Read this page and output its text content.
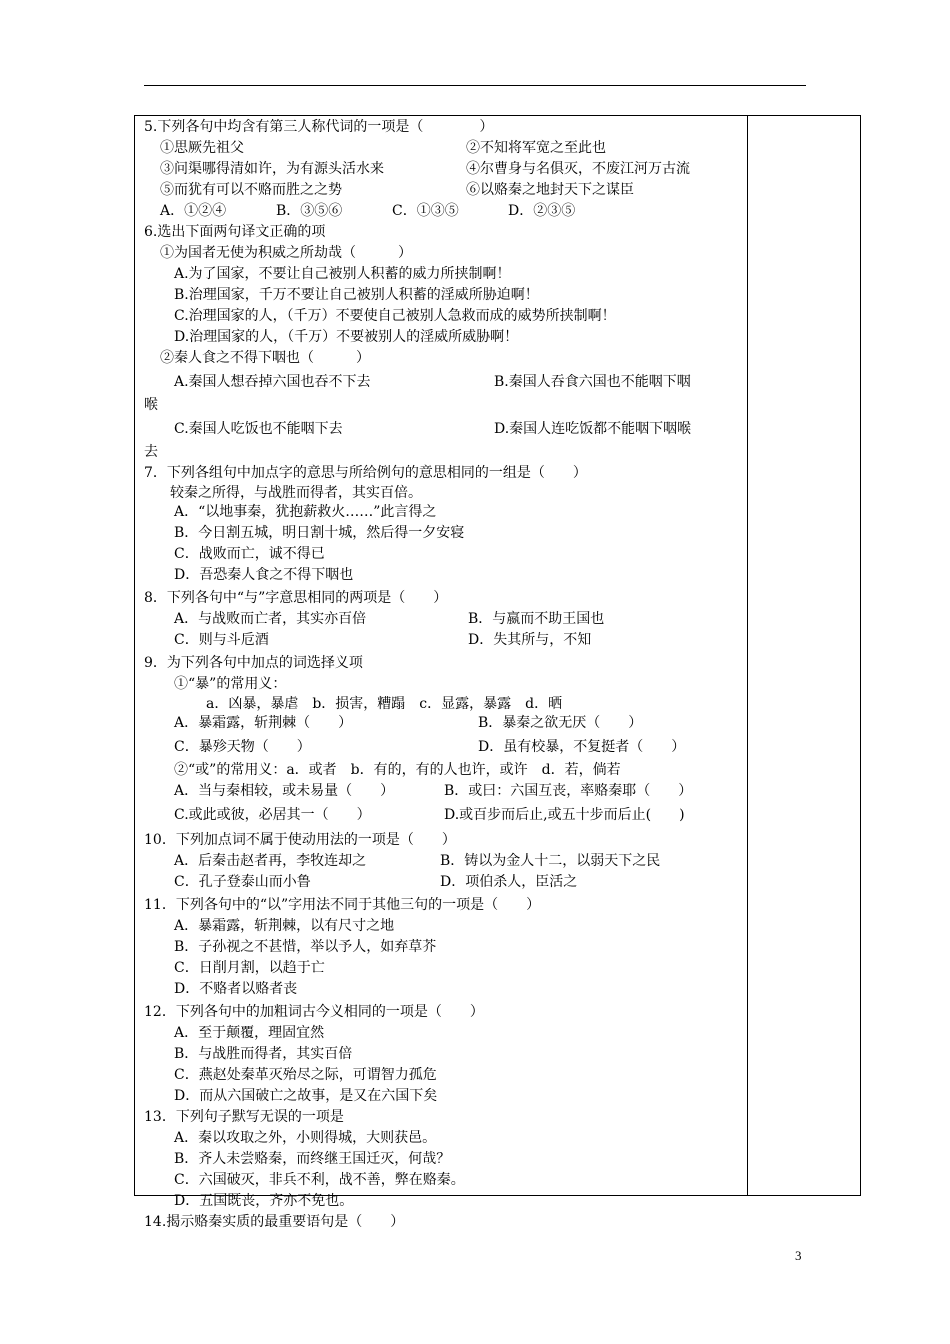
5.下列各句中均含有第三人称代词的一项是（　　　　）
①思厥先祖父	②不知将军宽之至此也
③问渠哪得清如许，为有源头活水来	④尔曹身与名俱灭，不废江河万古流
⑤而犹有可以不赂而胜之之势	⑥以赂秦之地封天下之谋臣
A．①②④	B．③⑤⑥	C．①③⑤	D．②③⑤
6.选出下面两句译文正确的项
①为国者无使为积威之所劫哉（　　　）
A.为了国家，不要让自己被别人积蓄的威力所挟制啊！
B.治理国家，千万不要让自己被别人积蓄的淫威所胁迫啊！
C.治理国家的人，（千万）不要使自己被别人急救而成的威势所挟制啊！
D.治理国家的人，（千万）不要被别人的淫威所威胁啊！
②秦人食之不得下咽也（　　　）
A.秦国人想吞掉六国也吞不下去	B.秦国人吞食六国也不能咽下咽
喉
C.秦国人吃饭也不能咽下去	D.秦国人连吃饭都不能咽下咽喉
去
7．下列各组句中加点字的意思与所给例句的意思相同的一组是（　　）
较秦之所得，与战胜而得者，其实百倍。
A．“以地事秦，犹抱薪救火……”此言得之
B．今日割五城，明日割十城，然后得一夕安寝
C．战败而亡，诚不得已
D．吾恐秦人食之不得下咽也
8．下列各句中“与”字意思相同的两项是（　　）
A．与战败而亡者，其实亦百倍	B．与嬴而不助王国也
C．则与斗卮酒	D．失其所与，不知
9．为下列各句中加点的词选择义项
①“暴”的常用义：
a．凶暴，暴虐　b．损害，糟蹋　c．显露，暴露　d．晒
A．暴霜露，斩荆棘（　　）	B．暴秦之欲无厌（　　）
C．暴殄天物（　　）	D．虽有校暴，不复挺者（　　）
②“或”的常用义：a．或者　b．有的，有的人也许，或许　d．若，倘若
A．当与秦相较，或未易量（　　）	B．或曰：六国互丧，率赂秦耶（　　）
C.或此或彼，必居其一（　　）	D.或百步而后止,或五十步而后止(　　)
10．下列加点词不属于使动用法的一项是（　　）
A．后秦击赵者再，李牧连却之	B．铸以为金人十二，以弱天下之民
C．孔子登泰山而小鲁	D．项伯杀人，臣活之
11．下列各句中的“以”字用法不同于其他三句的一项是（　　）
A．暴霜露，斩荆棘，以有尺寸之地
B．子孙视之不甚惜，举以予人，如弃草芥
C．日削月割，以趋于亡
D．不赂者以赂者丧
12．下列各句中的加粗词古今义相同的一项是（　　）
A．至于颠覆，理固宜然
B．与战胜而得者，其实百倍
C．燕赵处秦革灭殆尽之际，可谓智力孤危
D．而从六国破亡之故事，是又在六国下矣
13．下列句子默写无误的一项是
A．秦以攻取之外，小则得城，大则获邑。
B．齐人未尝赂秦，而终继王国迁灭，何哉？
C．六国破灭，非兵不利，战不善，弊在赂秦。
D．五国既丧，齐亦不免也。
14.揭示赂秦实质的最重要语句是（　　）
3
